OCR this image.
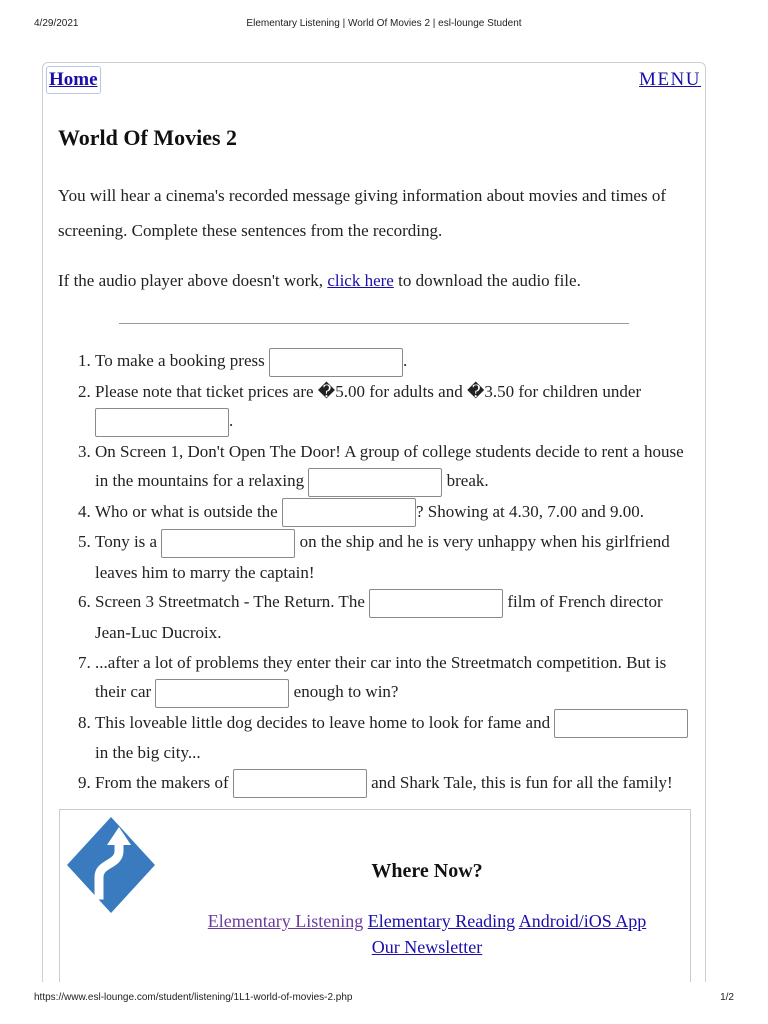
4/29/2021	Elementary Listening | World Of Movies 2 | esl-lounge Student
Home	MENU
World Of Movies 2

You will hear a cinema's recorded message giving information about movies and times of screening. Complete these sentences from the recording.

If the audio player above doesn't work, click here to download the audio file.

1. To make a booking press	.
2. Please note that ticket prices are �5.00 for adults and �3.50 for children under .
3. On Screen 1, Don't Open The Door! A group of college students decide to rent a house in the mountains for a relaxing	break.
4. Who or what is outside the	? Showing at 4.30, 7.00 and 9.00.
5. Tony is a	on the ship and he is very unhappy when his girlfriend leaves him to marry the captain!
6. Screen 3 Streetmatch - The Return. The	film of French director Jean-Luc Ducroix.
7. ...after a lot of problems they enter their car into the Streetmatch competition. But is their car	enough to win?
8. This loveable little dog decides to leave home to look for fame and  in the big city...
9. From the makers of	and Shark Tale, this is fun for all the family!
Where Now?
Elementary Listening Elementary Reading Android/iOS App
Our Newsletter
https://www.esl-lounge.com/student/listening/1L1-world-of-movies-2.php	1/2
